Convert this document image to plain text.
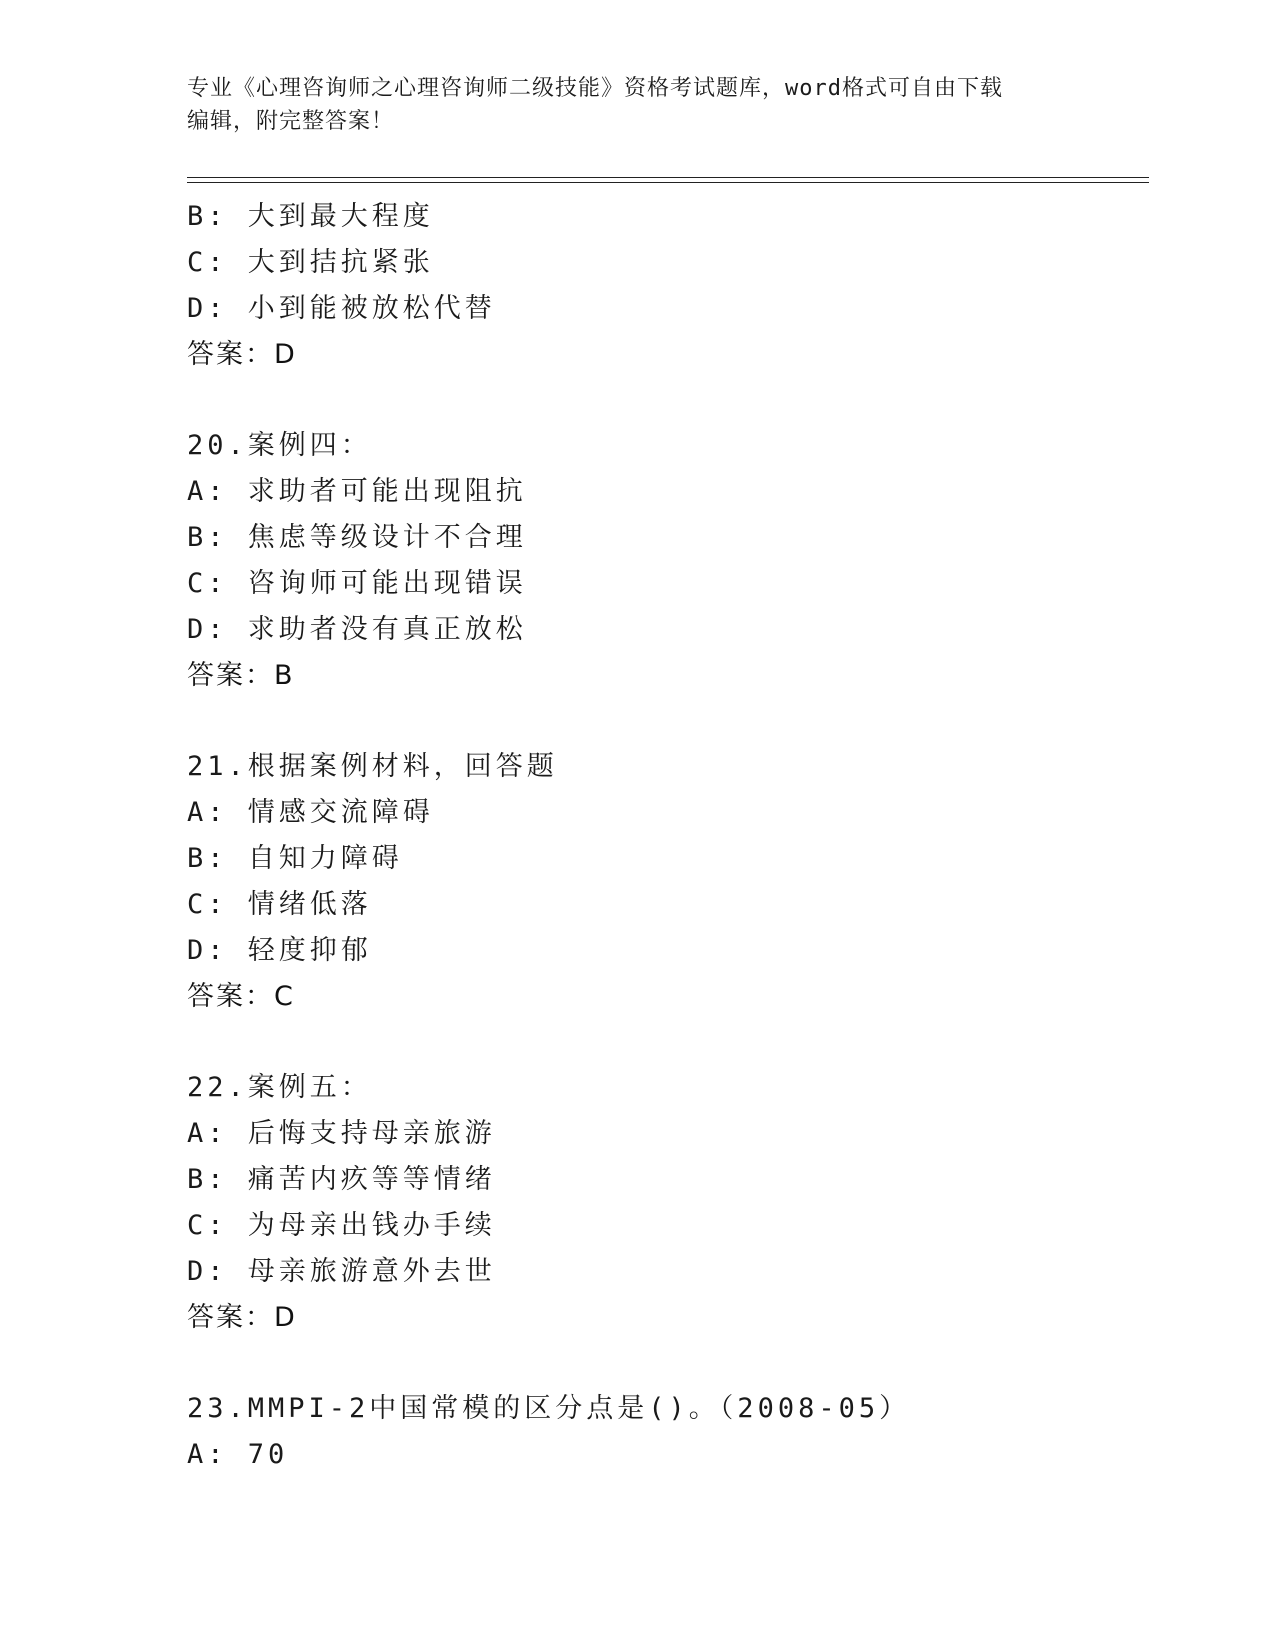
专业《心理咨询师之心理咨询师二级技能》资格考试题库，word格式可自由下载
编辑，附完整答案！
B: 大到最大程度
C: 大到拮抗紧张
D: 小到能被放松代替
答案：D
20.案例四：
A: 求助者可能出现阻抗
B: 焦虑等级设计不合理
C: 咨询师可能出现错误
D: 求助者没有真正放松
答案：B
21.根据案例材料，回答题
A: 情感交流障碍
B: 自知力障碍
C: 情绪低落
D: 轻度抑郁
答案：C
22.案例五：
A: 后悔支持母亲旅游
B: 痛苦内疚等等情绪
C: 为母亲出钱办手续
D: 母亲旅游意外去世
答案：D
23.MMPI-2中国常模的区分点是()。（2008-05）
A: 70
